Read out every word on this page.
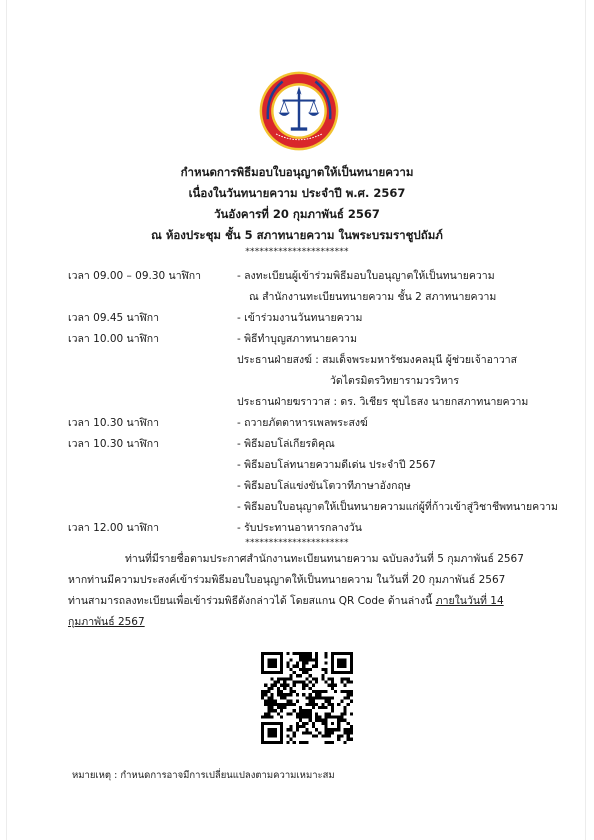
กำหนดการพิธีมอบใบอนุญาตให้เป็นทนายความ
เนื่องในวันทนายความ ประจำปี พ.ศ. 2567
วันอังคารที่ 20 กุมภาพันธ์ 2567
ณ ห้องประชุม ชั้น 5 สภาทนายความ ในพระบรมราชูปถัมภ์
**********************
เวลา 09.00 – 09.30 นาฬิกา	- ลงทะเบียนผู้เข้าร่วมพิธีมอบใบอนุญาตให้เป็นทนายความ
ณ สำนักงานทะเบียนทนายความ ชั้น 2 สภาทนายความ
เวลา 09.45 นาฬิกา	- เข้าร่วมงานวันทนายความ
เวลา 10.00 นาฬิกา	- พิธีทำบุญสภาทนายความ
ประธานฝ่ายสงฆ์ : สมเด็จพระมหารัชมงคลมุนี ผู้ช่วยเจ้าอาวาส
วัดไตรมิตรวิทยารามวรวิหาร
ประธานฝ่ายฆราวาส : ดร. วิเชียร ชุบไธสง นายกสภาทนายความ
เวลา 10.30 นาฬิกา	- ถวายภัตตาหารเพลพระสงฆ์
เวลา 10.30 นาฬิกา	- พิธีมอบโล่เกียรติคุณ
- พิธีมอบโล่ทนายความดีเด่น ประจำปี 2567
- พิธีมอบโล่แข่งขันโตวาทีภาษาอังกฤษ
- พิธีมอบใบอนุญาตให้เป็นทนายความแก่ผู้ที่ก้าวเข้าสู่วิชาชีพทนายความ
เวลา 12.00 นาฬิกา	- รับประทานอาหารกลางวัน
**********************
ท่านที่มีรายชื่อตามประกาศสำนักงานทะเบียนทนายความ ฉบับลงวันที่ 5 กุมภาพันธ์ 2567
หากท่านมีความประสงค์เข้าร่วมพิธีมอบใบอนุญาตให้เป็นทนายความ ในวันที่ 20 กุมภาพันธ์ 2567
ท่านสามารถลงทะเบียนเพื่อเข้าร่วมพิธีดังกล่าวได้ โดยสแกน QR Code ด้านล่างนี้ ภายในวันที่ 14
กุมภาพันธ์ 2567
หมายเหตุ : กำหนดการอาจมีการเปลี่ยนแปลงตามความเหมาะสม
